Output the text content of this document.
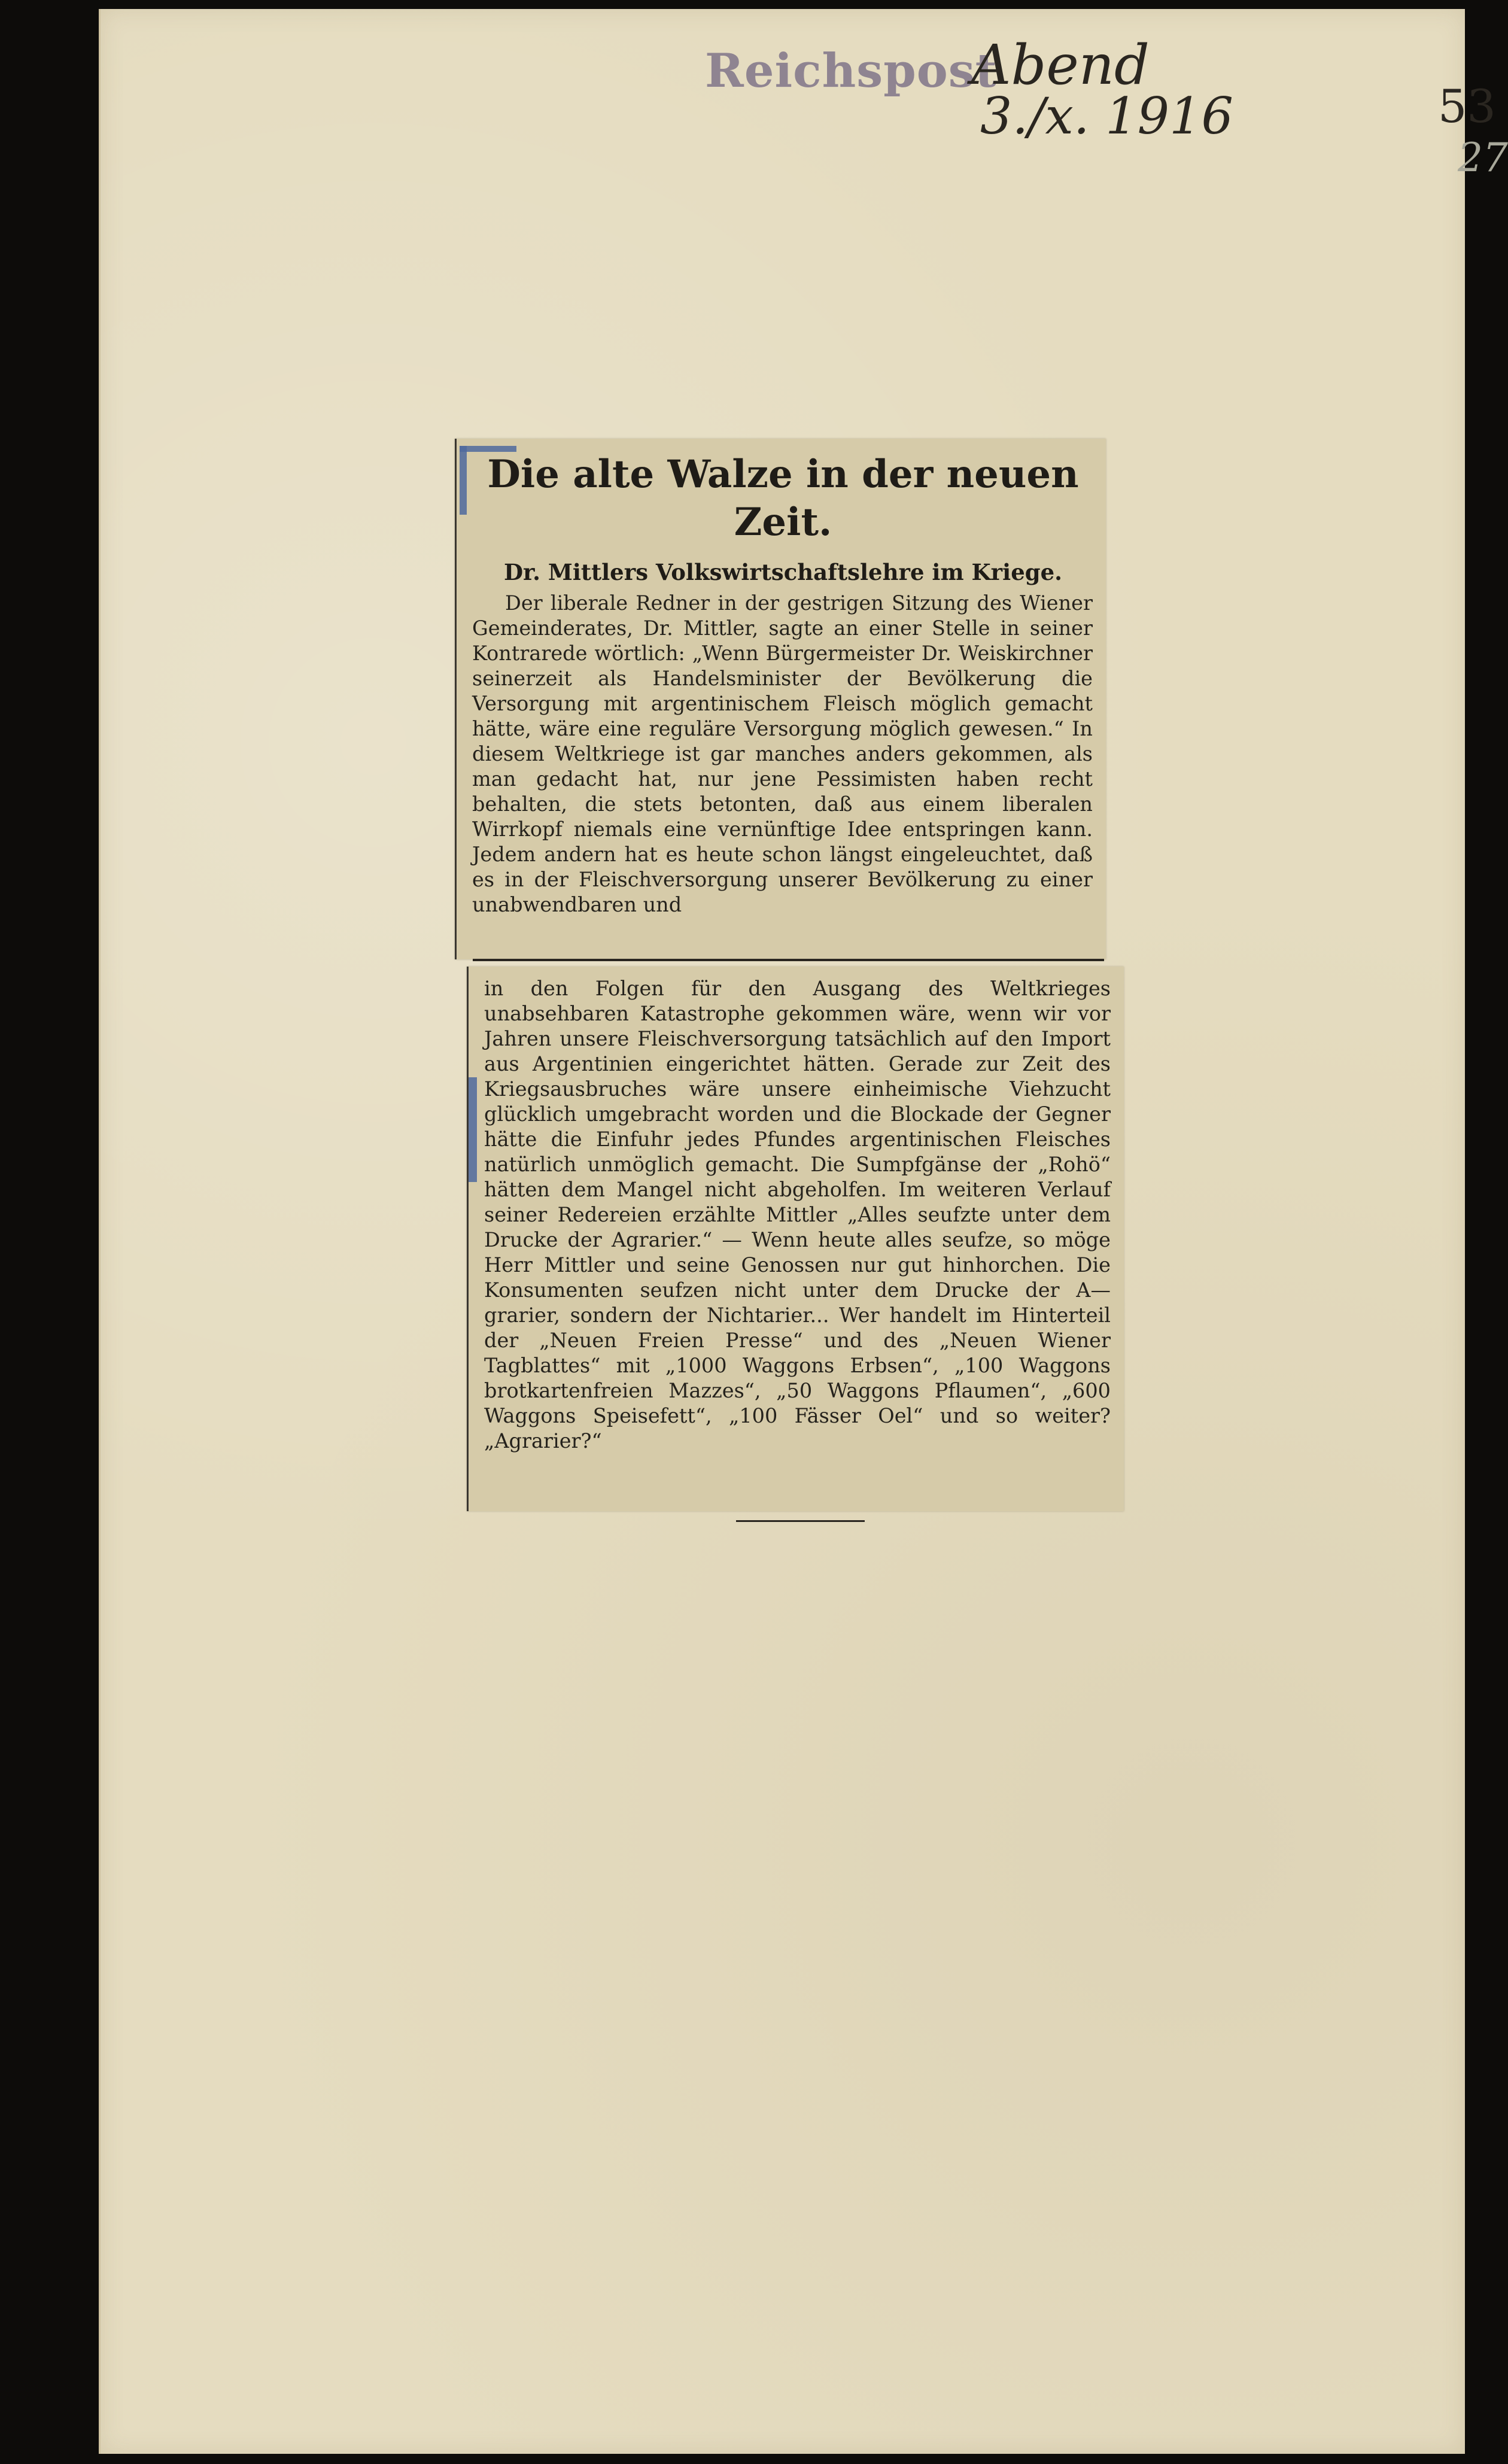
Reichspost
Abend
3./x. 1916	53
27
Die alte Walze in der neuen Zeit.
Dr. Mittlers Volkswirtschaftslehre im Kriege.
Der liberale Redner in der gestrigen Sitzung des Wiener Gemeinderates, Dr. Mittler, sagte an einer Stelle in seiner Kontrarede wörtlich: „Wenn Bürgermeister Dr. Weiskirchner seinerzeit als Handelsminister der Bevölkerung die Versorgung mit argentinischem Fleisch möglich gemacht hätte, wäre eine reguläre Versorgung möglich gewesen.“ In diesem Weltkriege ist gar manches anders gekommen, als man gedacht hat, nur jene Pessimisten haben recht behalten, die stets betonten, daß aus einem liberalen Wirrkopf niemals eine vernünftige Idee entspringen kann. Jedem andern hat es heute schon längst eingeleuchtet, daß es in der Fleischversorgung unserer Bevölkerung zu einer unabwendbaren und
in den Folgen für den Ausgang des Weltkrieges unabsehbaren Katastrophe gekommen wäre, wenn wir vor Jahren unsere Fleischversorgung tatsächlich auf den Import aus Argentinien eingerichtet hätten. Gerade zur Zeit des Kriegsausbruches wäre unsere einheimische Viehzucht glücklich umgebracht worden und die Blockade der Gegner hätte die Einfuhr jedes Pfundes argentinischen Fleisches natürlich unmöglich gemacht. Die Sumpfgänse der „Rohö“ hätten dem Mangel nicht abgeholfen. Im weiteren Verlauf seiner Redereien erzählte Mittler „Alles seufzte unter dem Drucke der Agrarier.“ — Wenn heute alles seufze, so möge Herr Mittler und seine Genossen nur gut hinhorchen. Die Konsumenten seufzen nicht unter dem Drucke der A—grarier, sondern der Nichtarier... Wer handelt im Hinterteil der „Neuen Freien Presse“ und des „Neuen Wiener Tagblattes“ mit „1000 Waggons Erbsen“, „100 Waggons brotkartenfreien Mazzes“, „50 Waggons Pflaumen“, „600 Waggons Speisefett“, „100 Fässer Oel“ und so weiter? „Agrarier?“
